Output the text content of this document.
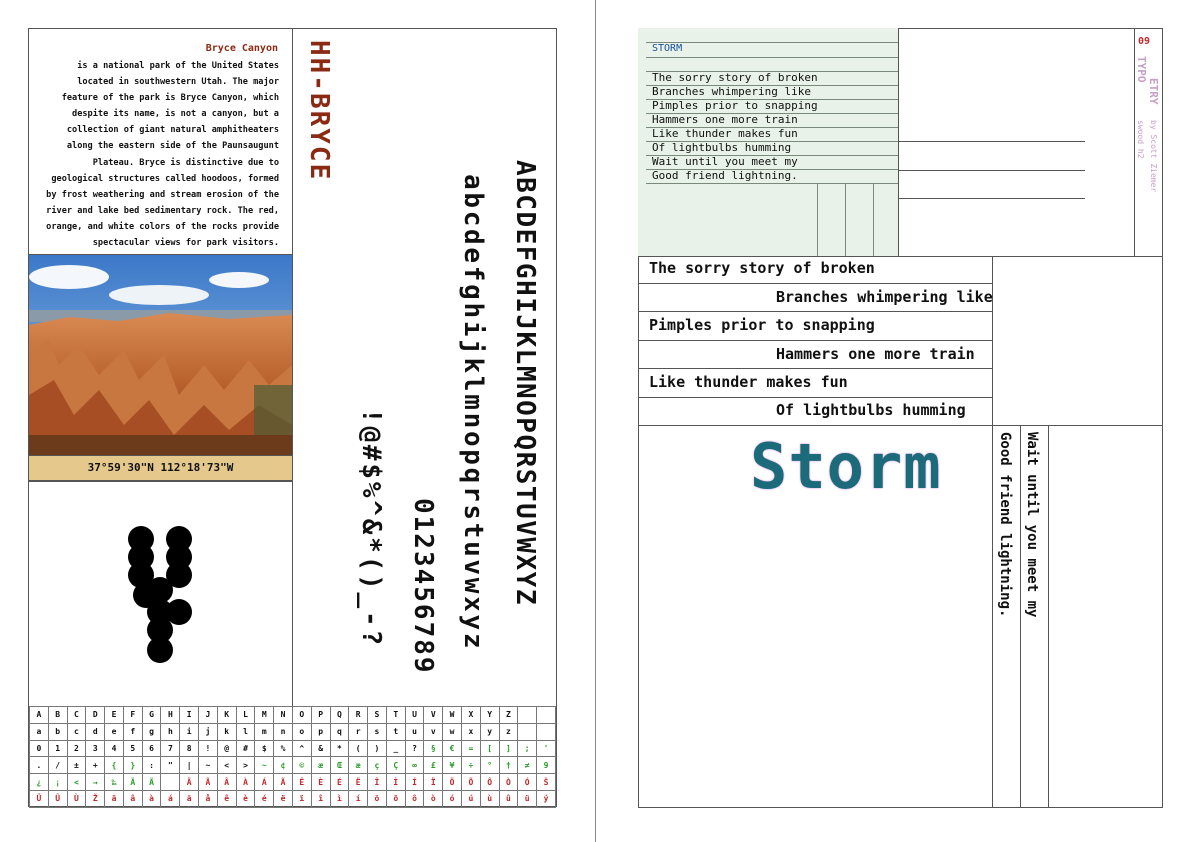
Bryce Canyon
is a national park of the United States located in southwestern Utah. The major feature of the park is Bryce Canyon, which despite its name, is not a canyon, but a collection of giant natural amphitheaters along the eastern side of the Paunsaugunt Plateau. Bryce is distinctive due to geological structures called hoodoos, formed by frost weathering and stream erosion of the river and lake bed sedimentary rock. The red, orange, and white colors of the rocks provide spectacular views for park visitors.
37°59'30"N 112°18'73"W
HH-BRYCE
ABCDEFGHIJKLMNOPQRSTUVWXYZ
abcdefghijklmnopqrstuvwxyz
0123456789
!@#$%^&*()_-?
A	B	C	D	E	F	G	H	I	J	K	L	M	N	O	P	Q	R	S	T	U	V	W	X	Y	Z		
a	b	c	d	e	f	g	h	i	j	k	l	m	n	o	p	q	r	s	t	u	v	w	x	y	z		
0	1	2	3	4	5	6	7	8	!	@	#	$	%	^	&	*	(	)	_	?	§	€	=	[	]	;	'
.	/	±	+	{	}	:	"	|	~	<	>	~	¢	©	æ	Œ	æ	ç	Ç	∞	£	¥	÷	°	†	≠	9
¿	¡	<	→	‰	Ä	Ä		Ä	Ã	Â	À	Á	Ã	Ê	È	É	Ë	Î	Ì	Í	Ï	Ö	Õ	Ô	Ò	Ó	Š
Ü	Û	Ù	Ž	ä	â	à	á	ã	å	ê	è	é	ë	ï	î	ì	í	ö	õ	ô	ò	ó	ú	ù	û	ü	ý
STORM
The sorry story of broken
Branches whimpering like
Pimples prior to snapping
Hammers one more train
Like thunder makes fun
Of lightbulbs humming
Wait until you meet my
Good friend lightning.
09
TYPO
ETRY
by Scott Ziemer
swood h2
The sorry story of broken
Branches whimpering like
Pimples prior to snapping
Hammers one more train
Like thunder makes fun
Of lightbulbs humming
Storm	Wait until you meet my
Good friend lightning.
